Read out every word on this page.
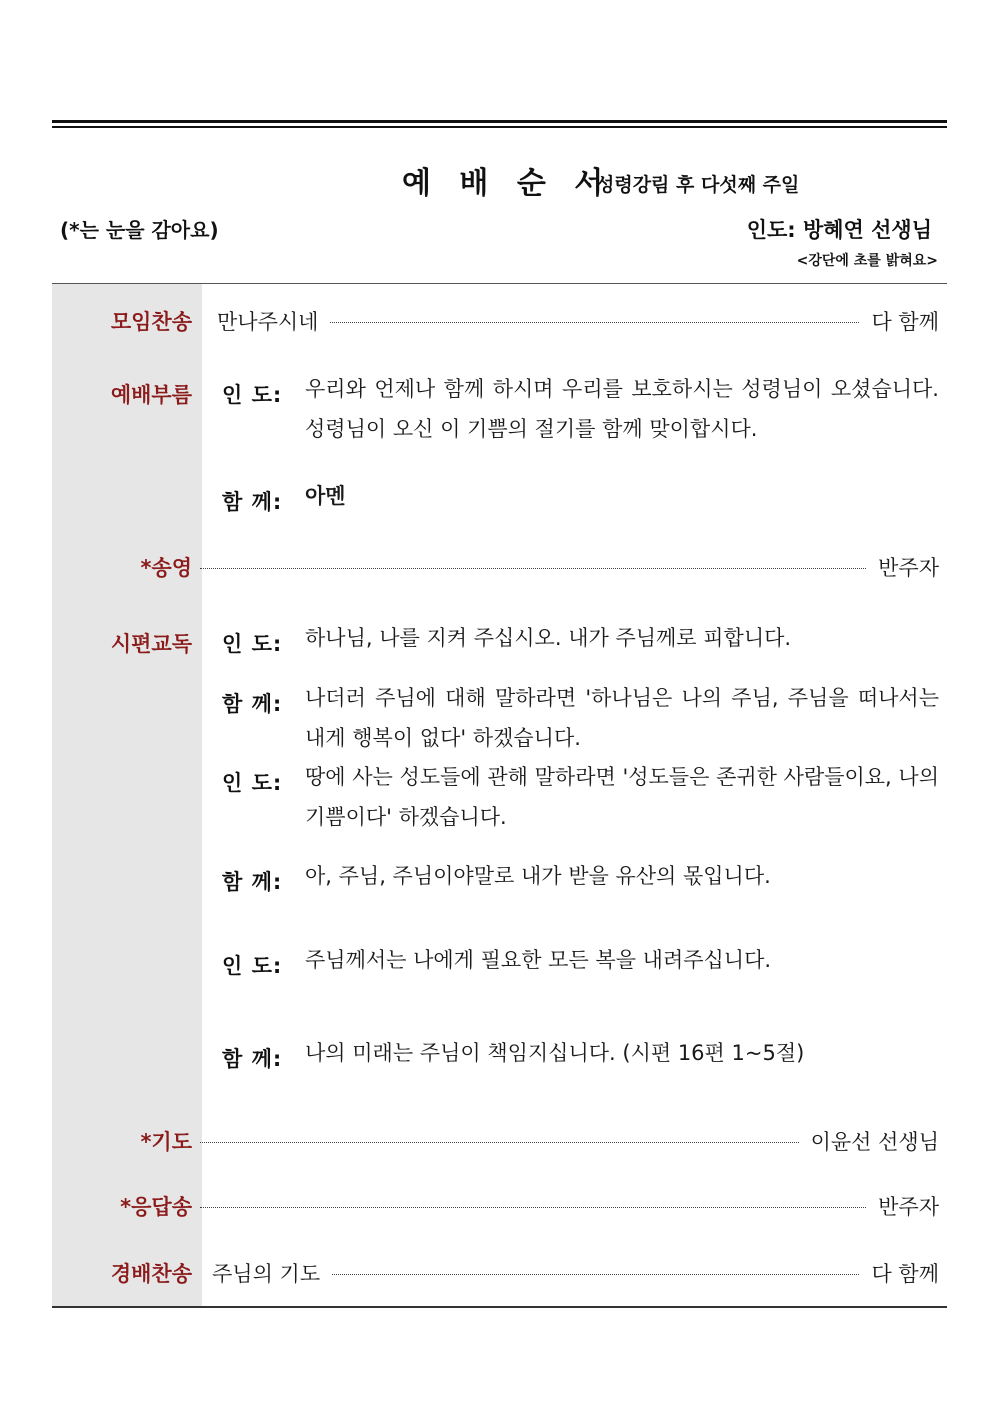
예 배 순 서
성령강림 후 다섯째 주일
(*는 눈을 감아요)	인도: 방혜연 선생님
<강단에 초를 밝혀요>
모임찬송 만나주시네	다 함께
예배부름 인 도: 우리와 언제나 함께 하시며 우리를 보호하시는 성령님이 오셨습니다. 성령님이 오신 이 기쁨의 절기를 함께 맞이합시다.
함 께: 아멘
*송영	반주자
시편교독 인 도: 하나님, 나를 지켜 주십시오. 내가 주님께로 피합니다.
함 께: 나더러 주님에 대해 말하라면 '하나님은 나의 주님, 주님을 떠나서는 내게 행복이 없다' 하겠습니다.
인 도: 땅에 사는 성도들에 관해 말하라면 '성도들은 존귀한 사람들이요, 나의 기쁨이다' 하겠습니다.
함 께: 아, 주님, 주님이야말로 내가 받을 유산의 몫입니다.
인 도: 주님께서는 나에게 필요한 모든 복을 내려주십니다.
함 께: 나의 미래는 주님이 책임지십니다. (시편 16편 1~5절)
*기도	이윤선 선생님
*응답송	반주자
경배찬송 주님의 기도	다 함께
